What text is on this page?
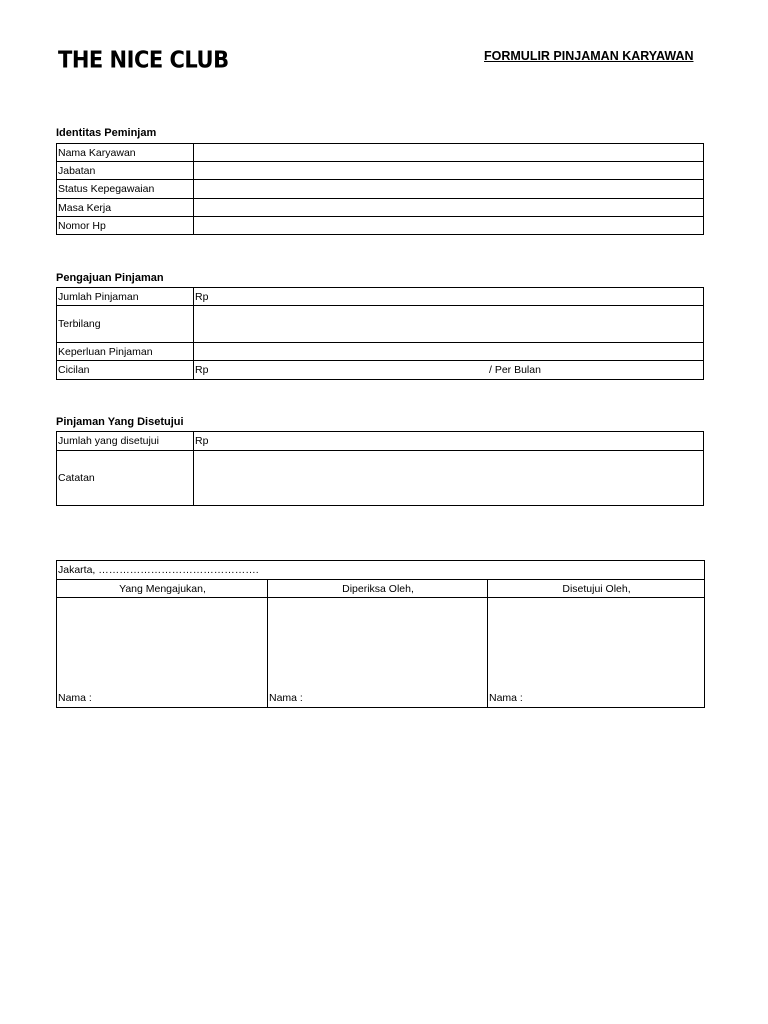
THE NICE CLUB	FORMULIR PINJAMAN KARYAWAN
Identitas Peminjam
Nama Karyawan	
Jabatan	
Status Kepegawaian	
Masa Kerja	
Nomor Hp	
Pengajuan Pinjaman
Jumlah Pinjaman	Rp
Terbilang	
Keperluan Pinjaman	
Cicilan	Rp / Per Bulan
Pinjaman Yang Disetujui
Jumlah yang disetujui	Rp
Catatan	
Jakarta, ……………………………………….		
Yang Mengajukan,	Diperiksa Oleh,	Disetujui Oleh,
Nama :	Nama :	Nama :
